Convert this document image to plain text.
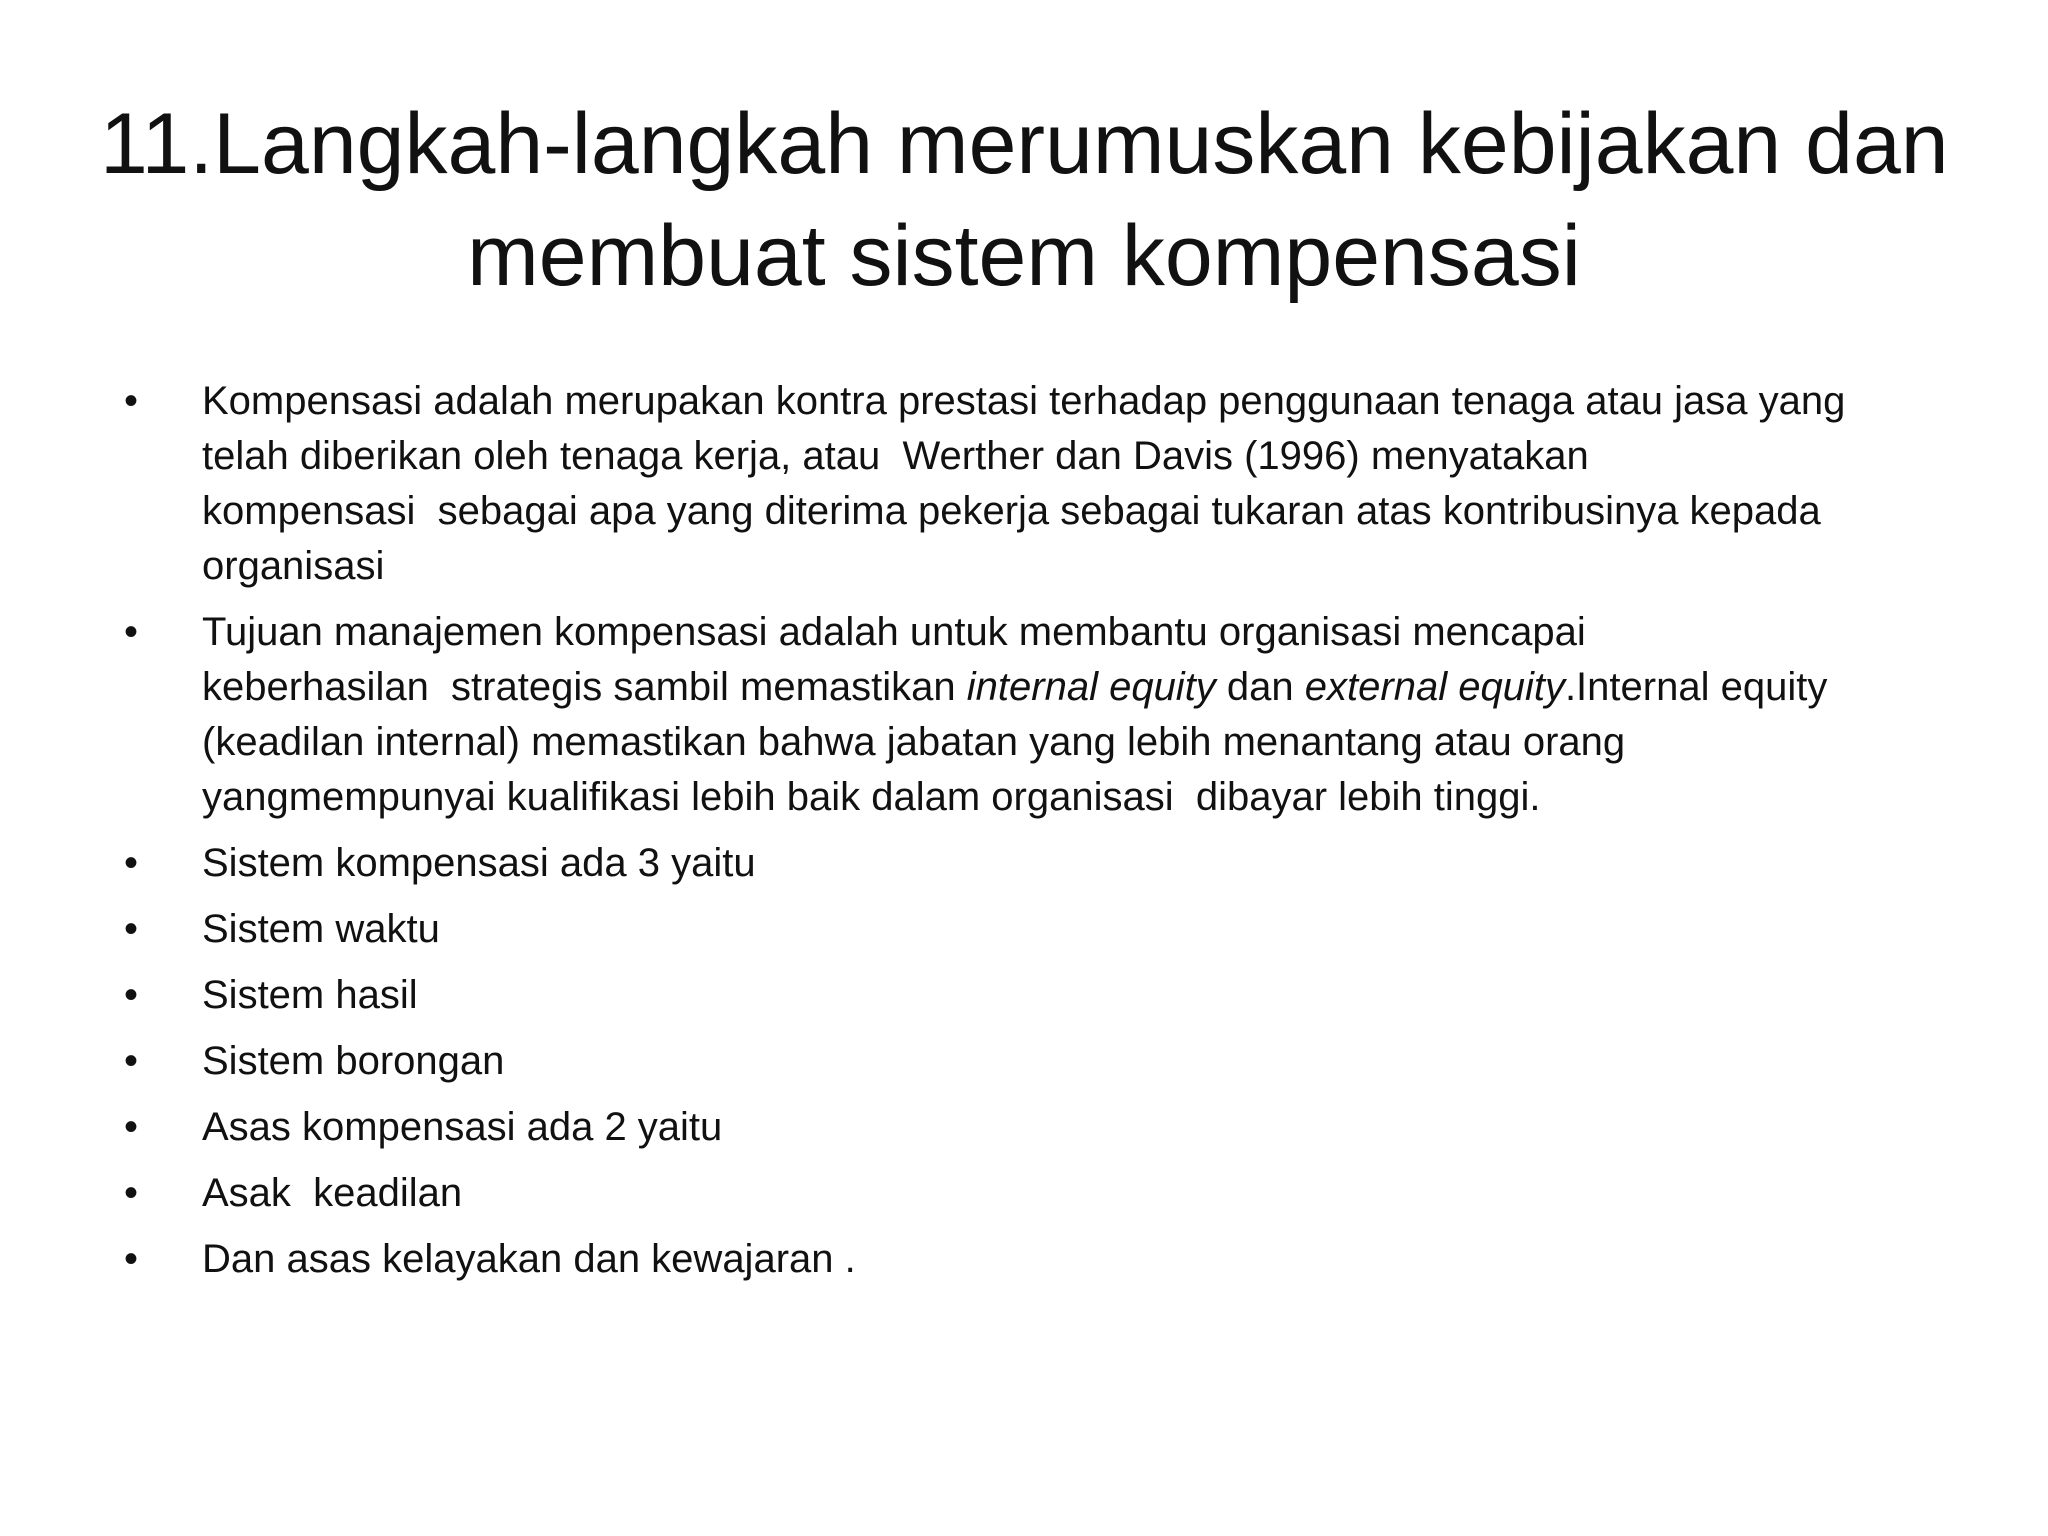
11.Langkah-langkah merumuskan kebijakan dan
membuat sistem kompensasi
•	Kompensasi adalah merupakan kontra prestasi terhadap penggunaan tenaga atau jasa yang
telah diberikan oleh tenaga kerja, atau  Werther dan Davis (1996) menyatakan
kompensasi  sebagai apa yang diterima pekerja sebagai tukaran atas kontribusinya kepada
organisasi
•	Tujuan manajemen kompensasi adalah untuk membantu organisasi mencapai
keberhasilan  strategis sambil memastikan internal equity dan external equity.Internal equity
(keadilan internal) memastikan bahwa jabatan yang lebih menantang atau orang
yangmempunyai kualifikasi lebih baik dalam organisasi  dibayar lebih tinggi.
•	Sistem kompensasi ada 3 yaitu
•	Sistem waktu
•	Sistem hasil
•	Sistem borongan
•	Asas kompensasi ada 2 yaitu
•	Asak  keadilan
•	Dan asas kelayakan dan kewajaran .
